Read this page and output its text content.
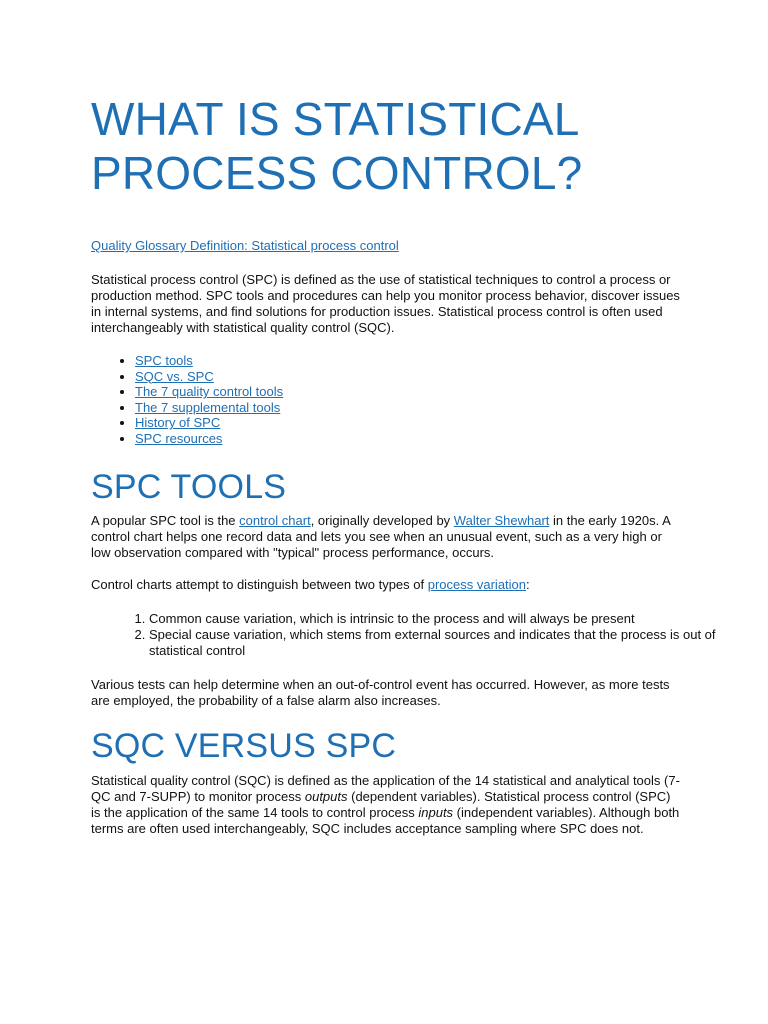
WHAT IS STATISTICAL PROCESS CONTROL?

Quality Glossary Definition: Statistical process control

Statistical process control (SPC) is defined as the use of statistical techniques to control a process or production method. SPC tools and procedures can help you monitor process behavior, discover issues in internal systems, and find solutions for production issues. Statistical process control is often used interchangeably with statistical quality control (SQC).

• SPC tools
• SQC vs. SPC
• The 7 quality control tools
• The 7 supplemental tools
• History of SPC
• SPC resources
SPC TOOLS

A popular SPC tool is the control chart, originally developed by Walter Shewhart in the early 1920s. A control chart helps one record data and lets you see when an unusual event, such as a very high or low observation compared with "typical" process performance, occurs.

Control charts attempt to distinguish between two types of process variation:

1. Common cause variation, which is intrinsic to the process and will always be present
2. Special cause variation, which stems from external sources and indicates that the process is out of statistical control

Various tests can help determine when an out-of-control event has occurred. However, as more tests are employed, the probability of a false alarm also increases.

SQC VERSUS SPC

Statistical quality control (SQC) is defined as the application of the 14 statistical and analytical tools (7-QC and 7-SUPP) to monitor process outputs (dependent variables). Statistical process control (SPC) is the application of the same 14 tools to control process inputs (independent variables). Although both terms are often used interchangeably, SQC includes acceptance sampling where SPC does not.
